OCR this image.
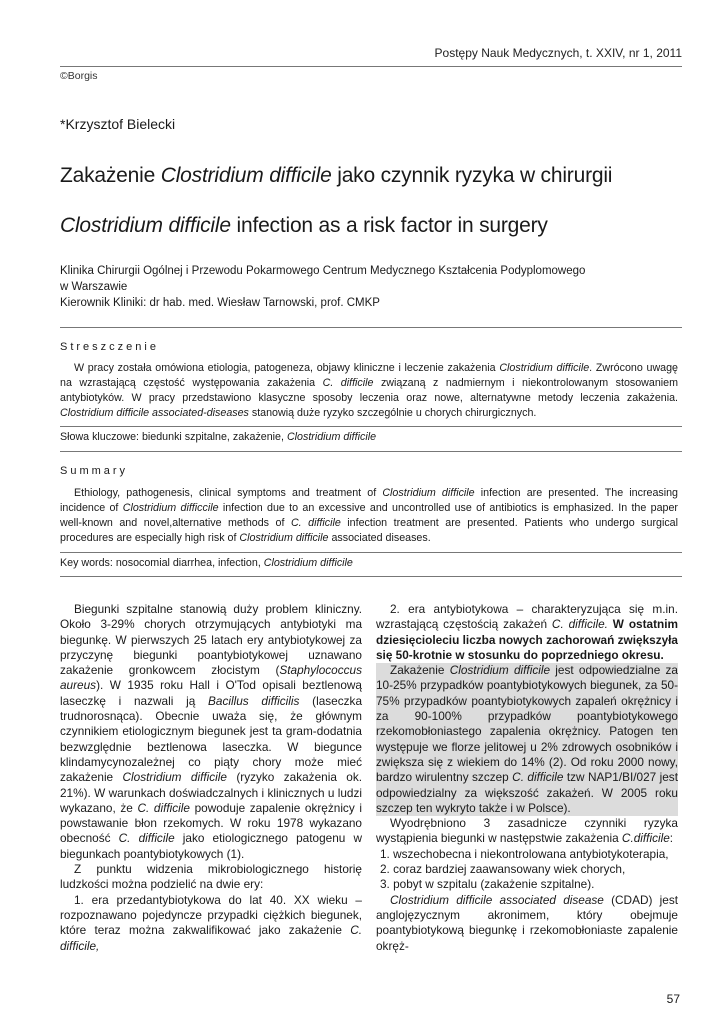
Postępy Nauk Medycznych, t. XXIV, nr 1, 2011
©Borgis
*Krzysztof Bielecki
Zakażenie Clostridium difficile jako czynnik ryzyka w chirurgii
Clostridium difficile infection as a risk factor in surgery
Klinika Chirurgii Ogólnej i Przewodu Pokarmowego Centrum Medycznego Kształcenia Podyplomowego
w Warszawie
Kierownik Kliniki: dr hab. med. Wiesław Tarnowski, prof. CMKP
Streszczenie
W pracy została omówiona etiologia, patogeneza, objawy kliniczne i leczenie zakażenia Clostridium difficile. Zwrócono uwagę na wzrastającą częstość występowania zakażenia C. difficile związaną z nadmiernym i niekontrolowanym stosowaniem antybiotyków. W pracy przedstawiono klasyczne sposoby leczenia oraz nowe, alternatywne metody leczenia zakażenia. Clostridium difficile associated-diseases stanowią duże ryzyko szczególnie u chorych chirurgicznych.
Słowa kluczowe: biedunki szpitalne, zakażenie, Clostridium difficile
Summary
Ethiology, pathogenesis, clinical symptoms and treatment of Clostridium difficile infection are presented. The increasing incidence of Clostridium difficcile infection due to an excessive and uncontrolled use of antibiotics is emphasized. In the paper well-known and novel,alternative methods of C. difficile infection treatment are presented. Patients who undergo surgical procedures are especially high risk of Clostridium difficile associated diseases.
Key words: nosocomial diarrhea, infection, Clostridium difficile

Biegunki szpitalne stanowią duży problem kliniczny. Około 3-29% chorych otrzymujących antybiotyki ma biegunkę. W pierwszych 25 latach ery antybiotykowej za przyczynę biegunki poantybiotykowej uznawano zakażenie gronkowcem złocistym (Staphylococcus aureus). W 1935 roku Hall i O'Tod opisali beztlenową laseczkę i nazwali ją Bacillus difficilis (laseczka trudnorosnąca). Obecnie uważa się, że głównym czynnikiem etiologicznym biegunek jest ta gram-dodatnia bezwzględnie beztlenowa laseczka. W biegunce klindamycynozależnej co piąty chory może mieć zakażenie Clostridium difficile (ryzyko zakażenia ok. 21%). W warunkach doświadczalnych i klinicznych u ludzi wykazano, że C. difficile powoduje zapalenie okrężnicy i powstawanie błon rzekomych. W roku 1978 wykazano obecność C. difficile jako etiologicznego patogenu w biegunkach poantybiotykowych (1).

Z punktu widzenia mikrobiologicznego historię ludzkości można podzielić na dwie ery:

1. era przedantybiotykowa do lat 40. XX wieku – rozpoznawano pojedyncze przypadki ciężkich biegunek, które teraz można zakwalifikować jako zakażenie C. difficile,

2. era antybiotykowa – charakteryzująca się m.in. wzrastającą częstością zakażeń C. difficile. W ostatnim dziesięcioleciu liczba nowych zachorowań zwiększyła się 50-krotnie w stosunku do poprzedniego okresu.

Zakażenie Clostridium difficile jest odpowiedzialne za 10-25% przypadków poantybiotykowych biegunek, za 50-75% przypadków poantybiotykowych zapaleń okrężnicy i za 90-100% przypadków poantybiotykowego rzekomobłoniastego zapalenia okrężnicy. Patogen ten występuje we florze jelitowej u 2% zdrowych osobników i zwiększa się z wiekiem do 14% (2). Od roku 2000 nowy, bardzo wirulentny szczep C. difficile tzw NAP1/BI/027 jest odpowiedzialny za większość zakażeń. W 2005 roku szczep ten wykryto także i w Polsce).

Wyodrębniono 3 zasadnicze czynniki ryzyka wystąpienia biegunki w następstwie zakażenia C.difficile:

1. wszechobecna i niekontrolowana antybiotykoterapia,

2. coraz bardziej zaawansowany wiek chorych,

3. pobyt w szpitalu (zakażenie szpitalne).

Clostridium difficile associated disease (CDAD) jest anglojęzycznym akronimem, który obejmuje poantybiotykową biegunkę i rzekomobłoniaste zapalenie okręż-

57
